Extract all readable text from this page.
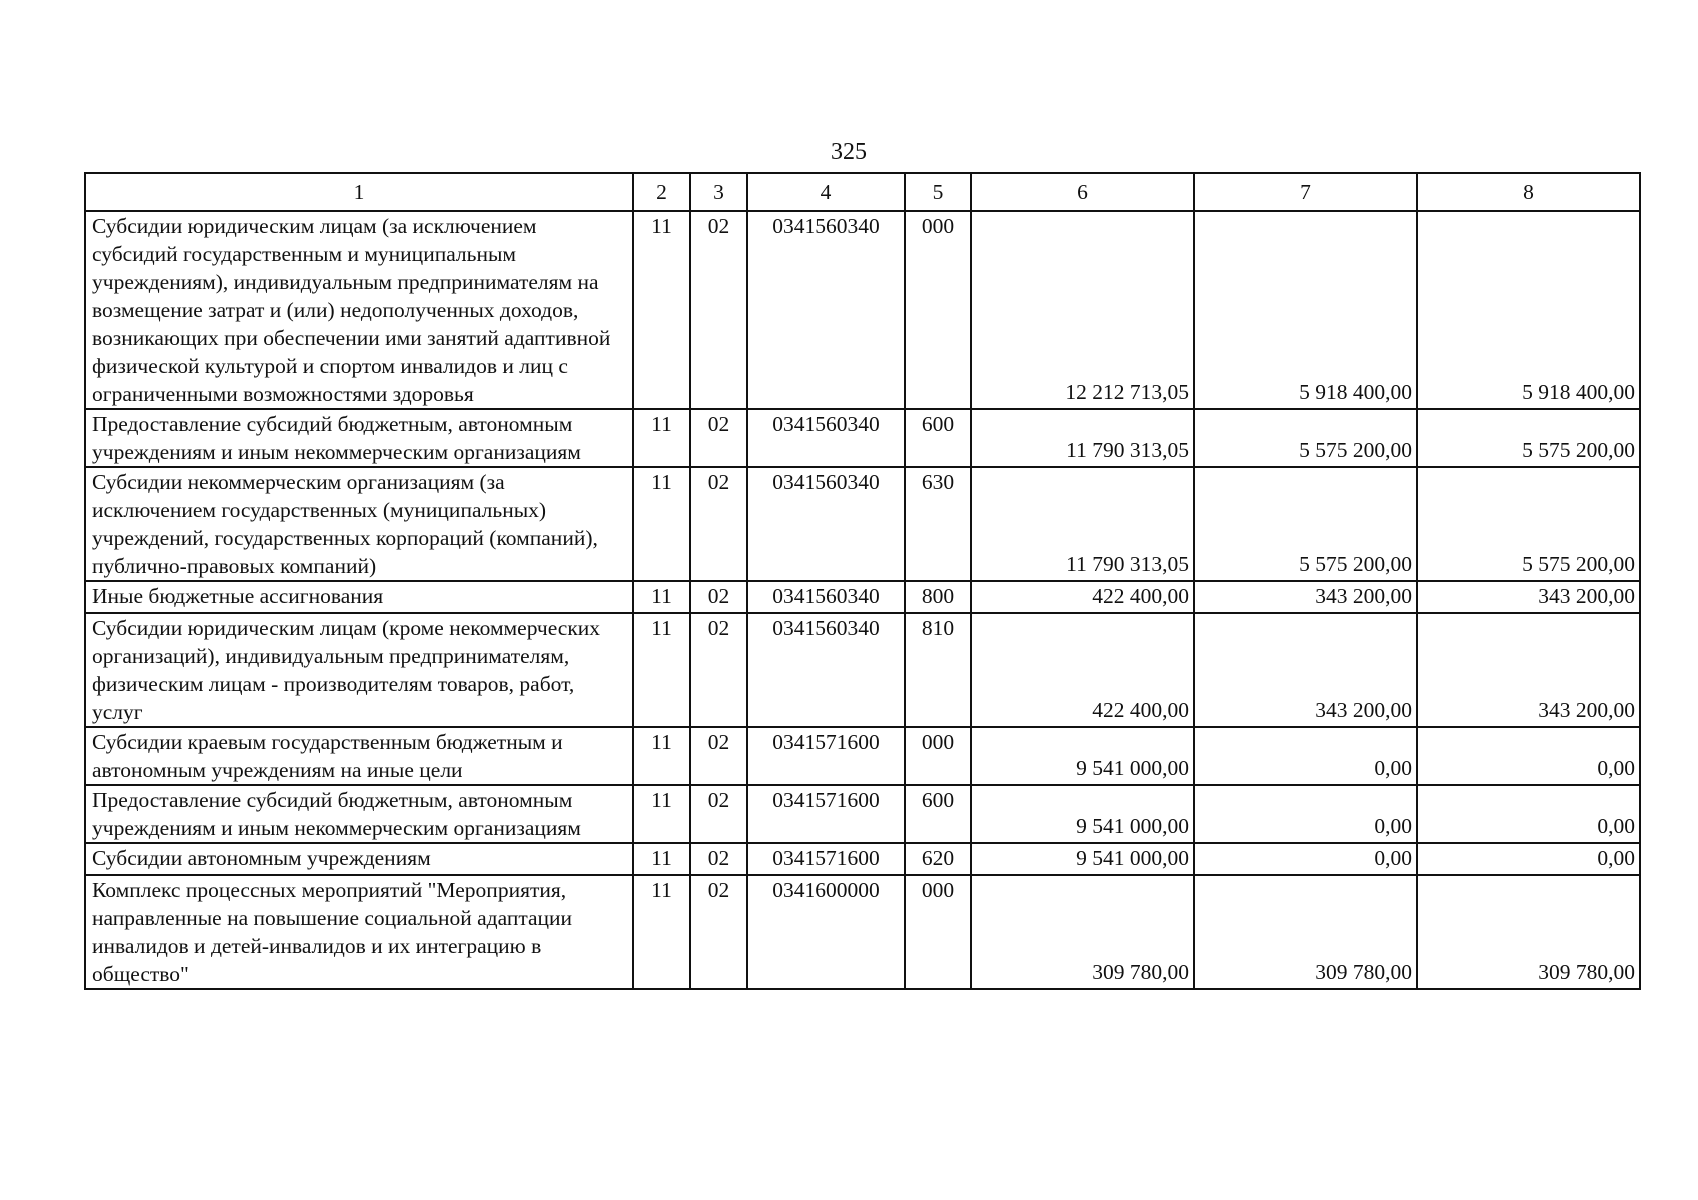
325
1	2	3	4	5	6	7	8
Субсидии юридическим лицам (за исключением субсидий государственным и муниципальным учреждениям), индивидуальным предпринимателям на возмещение затрат и (или) недополученных доходов, возникающих при обеспечении ими занятий адаптивной физической культурой и спортом инвалидов и лиц с ограниченными возможностями здоровья	11	02	0341560340	000	12 212 713,05	5 918 400,00	5 918 400,00
Предоставление субсидий бюджетным, автономным учреждениям и иным некоммерческим организациям	11	02	0341560340	600	11 790 313,05	5 575 200,00	5 575 200,00
Субсидии некоммерческим организациям (за исключением государственных (муниципальных) учреждений, государственных корпораций (компаний), публично-правовых компаний)	11	02	0341560340	630	11 790 313,05	5 575 200,00	5 575 200,00
Иные бюджетные ассигнования	11	02	0341560340	800	422 400,00	343 200,00	343 200,00
Субсидии юридическим лицам (кроме некоммерческих организаций), индивидуальным предпринимателям, физическим лицам - производителям товаров, работ, услуг	11	02	0341560340	810	422 400,00	343 200,00	343 200,00
Субсидии краевым государственным бюджетным и автономным учреждениям на иные цели	11	02	0341571600	000	9 541 000,00	0,00	0,00
Предоставление субсидий бюджетным, автономным учреждениям и иным некоммерческим организациям	11	02	0341571600	600	9 541 000,00	0,00	0,00
Субсидии автономным учреждениям	11	02	0341571600	620	9 541 000,00	0,00	0,00
Комплекс процессных мероприятий "Мероприятия, направленные на повышение социальной адаптации инвалидов и детей-инвалидов и их интеграцию в общество"	11	02	0341600000	000	309 780,00	309 780,00	309 780,00
